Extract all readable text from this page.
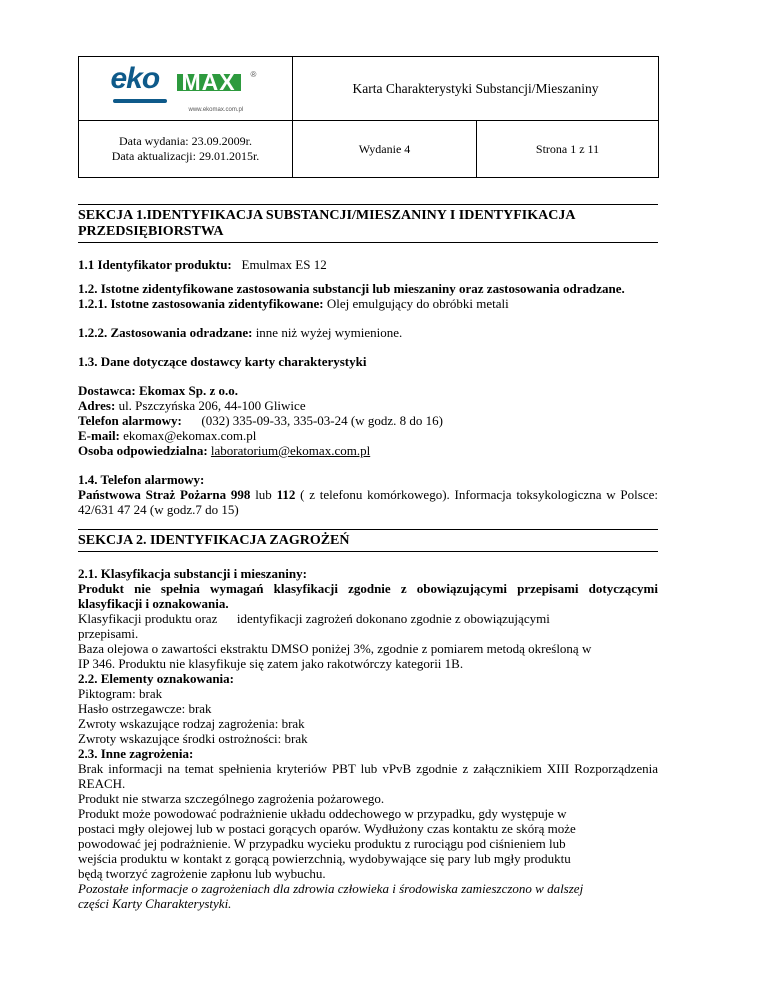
eko MAX
www.ekomax.com.pl
®	Karta Charakterystyki Substancji/Mieszaniny	

Data wydania: 23.09.2009r.
Data aktualizacji: 29.01.2015r.	Wydanie 4	Strona 1 z 11
SEKCJA 1.IDENTYFIKACJA SUBSTANCJI/MIESZANINY I IDENTYFIKACJA PRZEDSIĘBIORSTWA

1.1 Identyfikator produktu: Emulmax ES 12

1.2. Istotne zidentyfikowane zastosowania substancji lub mieszaniny oraz zastosowania odradzane.

1.2.1. Istotne zastosowania zidentyfikowane: Olej emulgujący do obróbki metali

1.2.2. Zastosowania odradzane: inne niż wyżej wymienione.

1.3. Dane dotyczące dostawcy karty charakterystyki

Dostawca: Ekomax Sp. z o.o.

Adres: ul. Pszczyńska 206, 44-100 Gliwice

Telefon alarmowy: (032) 335-09-33, 335-03-24 (w godz. 8 do 16)

E-mail: ekomax@ekomax.com.pl

Osoba odpowiedzialna: laboratorium@ekomax.com.pl

1.4. Telefon alarmowy:

Państwowa Straż Pożarna 998 lub 112 ( z telefonu komórkowego). Informacja toksykologiczna w Polsce: 42/631 47 24 (w godz.7 do 15)

SEKCJA 2. IDENTYFIKACJA ZAGROŻEŃ

2.1. Klasyfikacja substancji i mieszaniny:

Produkt nie spełnia wymagań klasyfikacji zgodnie z obowiązującymi przepisami dotyczącymi klasyfikacji i oznakowania.

Klasyfikacji produktu oraz identyfikacji zagrożeń dokonano zgodnie z obowiązującymi

przepisami.

Baza olejowa o zawartości ekstraktu DMSO poniżej 3%, zgodnie z pomiarem metodą określoną w

IP 346. Produktu nie klasyfikuje się zatem jako rakotwórczy kategorii 1B.

2.2. Elementy oznakowania:

Piktogram: brak

Hasło ostrzegawcze: brak

Zwroty wskazujące rodzaj zagrożenia: brak

Zwroty wskazujące środki ostrożności: brak

2.3. Inne zagrożenia:

Brak informacji na temat spełnienia kryteriów PBT lub vPvB zgodnie z załącznikiem XIII Rozporządzenia REACH.

Produkt nie stwarza szczególnego zagrożenia pożarowego.

Produkt może powodować podrażnienie układu oddechowego w przypadku, gdy występuje w

postaci mgły olejowej lub w postaci gorących oparów. Wydłużony czas kontaktu ze skórą może

powodować jej podrażnienie. W przypadku wycieku produktu z rurociągu pod ciśnieniem lub

wejścia produktu w kontakt z gorącą powierzchnią, wydobywające się pary lub mgły produktu

będą tworzyć zagrożenie zapłonu lub wybuchu.

Pozostałe informacje o zagrożeniach dla zdrowia człowieka i środowiska zamieszczono w dalszej

części Karty Charakterystyki.
